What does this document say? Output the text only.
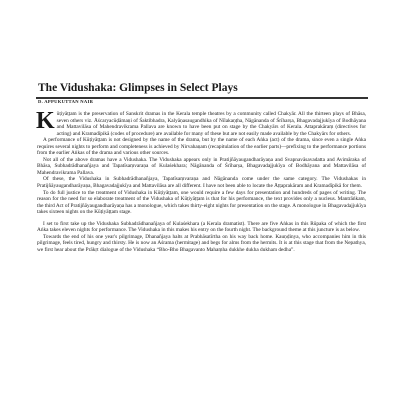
The Vidushaka: Glimpses in Select Plays
D. APPUKUTTAN NAIR

Kūṭiyāṭṭam is the preservation of Sanskrit dramas in the Kerala temple theatres by a community called Chakyār. All the thirteen plays of Bhāsa, seven others viz. Āścaryacūḍāmaṇi of Śaktibhadra, Kalyāṇasaugandhika of Nīlakaṇṭha, Nāgānanda of Śrīharṣa, Bhagavadajjukīya of Bodhāyana and Mattavilāsa of Mahendravikrama Pallava are known to have been put on stage by the Chakyārs of Kerala. Attaprakāraṃ (directives for acting) and Kramadīpikā (codes of procedure) are available for many of these but are not easily made available by the Chakyārs for others.

A performance of Kūṭiyāṭṭam is not designed by the name of the drama, but by the name of each Aṅka (act) of the drama, since even a single Aṅka requires several nights to perform and completeness is achieved by Nirvahaṇam (recapitulation of the earlier parts)—prefixing to the performance portions from the earlier Aṅkas of the drama and various other sources.

Not all of the above dramas have a Vidushaka. The Vidushaka appears only in Pratijñāyaugandharāyaṇa and Svapnavāsavadatta and Avimāraka of Bhāsa, Subhadrādhanañjaya and Tapatīsaṃvaraṇa of Kulaśekhara; Nāgānanda of Śrīharṣa, Bhagavadajjukīya of Bodhāyana and Mattavilāsa of Mahendravikrama Pallava.

Of these, the Vidushaka in Subhadrādhanañjaya, Tapatīsaṃvaraṇa and Nāgānanda come under the same category. The Vidushakas in Pratijñāyaugandharāyaṇa, Bhagavadajjukīya and Mattavilāsa are all different. I have not been able to locate the Āṭṭaprakāram and Kramadīpikā for them.

To do full justice to the treatment of Vidushaka in Kūṭiyāṭṭam, one would require a few days for presentation and hundreds of pages of writing. The reason for the need for so elaborate treatment of the Vidushaka of Kūṭiyāṭṭam is that for his performance, the text provides only a nucleus. Mantrāṅkam, the third Act of Pratijñāyaugandharāyaṇa has a monologue, which takes thirty-eight nights for presentation on the stage. A monologue in Bhagavadajjukīya takes sixteen nights on the Kūṭiyāṭṭam stage.

I set to first take up the Vidushaka Subhadrādhanañjaya of Kulaśekhara (a Kerala dramatist). There are five Aṅkas in this Rūpaka of which the first Aṅka takes eleven nights for performance. The Vidushaka in this makes his entry on the fourth night. The background theme at this juncture is as below.

Towards the end of his one year's pilgrimage, Dhanañjaya halts at Prabhāsatīrtha on his way back home. Kauṇḍinya, who accompanies him in this pilgrimage, feels tired, hungry and thirsty. He is now an Aśrama (hermitage) and begs for alms from the hermits. It is at this stage that from the Nepathya, we first hear about the Prākṛt dialogue of the Vidushaka “Bho-Bho Bhagavanto Mahaṃha dukkhe dukha dukham dedha”.
